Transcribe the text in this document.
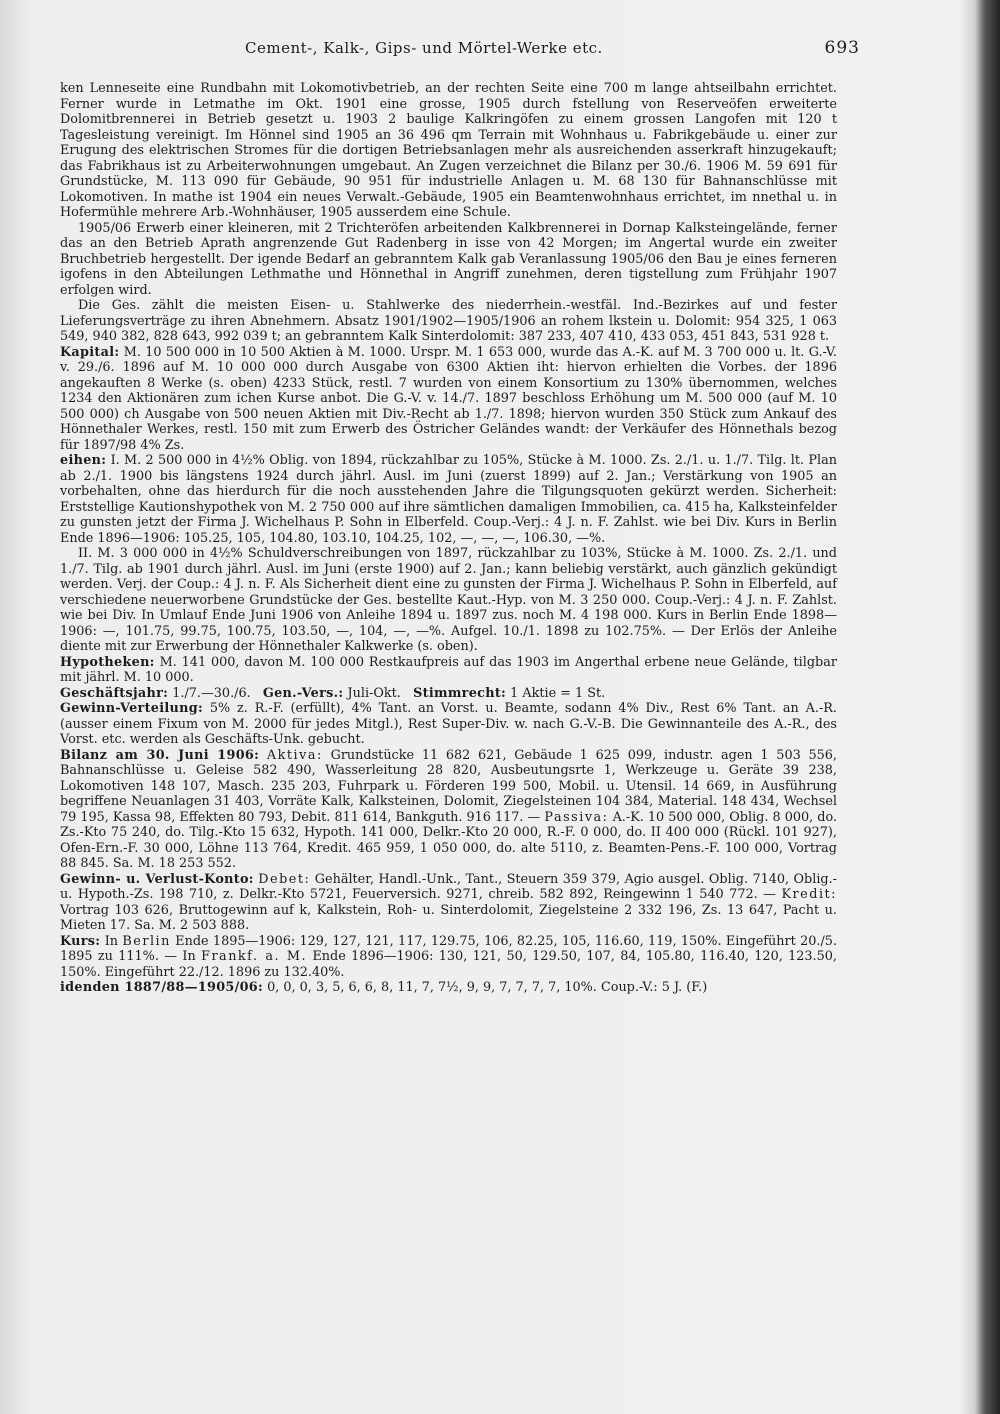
Cement-, Kalk-, Gips- und Mörtel-Werke etc.	693

ken Lenneseite eine Rundbahn mit Lokomotivbetrieb, an der rechten Seite eine 700 m lange ahtseilbahn errichtet. Ferner wurde in Letmathe im Okt. 1901 eine grosse, 1905 durch fstellung von Reserveöfen erweiterte Dolomitbrennerei in Betrieb gesetzt u. 1903 2 baulige Kalkringöfen zu einem grossen Langofen mit 120 t Tagesleistung vereinigt. Im Hönnel sind 1905 an 36 496 qm Terrain mit Wohnhaus u. Fabrikgebäude u. einer zur Erugung des elektrischen Stromes für die dortigen Betriebsanlagen mehr als ausreichenden asserkraft hinzugekauft; das Fabrikhaus ist zu Arbeiterwohnungen umgebaut. An Zugen verzeichnet die Bilanz per 30./6. 1906 M. 59 691 für Grundstücke, M. 113 090 für Gebäude, 90 951 für industrielle Anlagen u. M. 68 130 für Bahnanschlüsse mit Lokomotiven. In mathe ist 1904 ein neues Verwalt.-Gebäude, 1905 ein Beamtenwohnhaus errichtet, im nnethal u. in Hofermühle mehrere Arb.-Wohnhäuser, 1905 ausserdem eine Schule.

1905/06 Erwerb einer kleineren, mit 2 Trichteröfen arbeitenden Kalkbrennerei in Dornap Kalksteingelände, ferner das an den Betrieb Aprath angrenzende Gut Radenberg in isse von 42 Morgen; im Angertal wurde ein zweiter Bruchbetrieb hergestellt. Der igende Bedarf an gebranntem Kalk gab Veranlassung 1905/06 den Bau je eines ferneren igofens in den Abteilungen Lethmathe und Hönnethal in Angriff zunehmen, deren tigstellung zum Frühjahr 1907 erfolgen wird.

Die Ges. zählt die meisten Eisen- u. Stahlwerke des niederrhein.-westfäl. Ind.-Bezirkes auf und fester Lieferungsverträge zu ihren Abnehmern. Absatz 1901/1902—1905/1906 an rohem lkstein u. Dolomit: 954 325, 1 063 549, 940 382, 828 643, 992 039 t; an gebranntem Kalk Sinterdolomit: 387 233, 407 410, 433 053, 451 843, 531 928 t.

Kapital: M. 10 500 000 in 10 500 Aktien à M. 1000. Urspr. M. 1 653 000, wurde das A.-K. auf M. 3 700 000 u. lt. G.-V. v. 29./6. 1896 auf M. 10 000 000 durch Ausgabe von 6300 Aktien iht: hiervon erhielten die Vorbes. der 1896 angekauften 8 Werke (s. oben) 4233 Stück, restl. 7 wurden von einem Konsortium zu 130% übernommen, welches 1234 den Aktionären zum ichen Kurse anbot. Die G.-V. v. 14./7. 1897 beschloss Erhöhung um M. 500 000 (auf M. 10 500 000) ch Ausgabe von 500 neuen Aktien mit Div.-Recht ab 1./7. 1898; hiervon wurden 350 Stück zum Ankauf des Hönnethaler Werkes, restl. 150 mit zum Erwerb des Östricher Geländes wandt: der Verkäufer des Hönnethals bezog für 1897/98 4% Zs.

eihen: I. M. 2 500 000 in 4½% Oblig. von 1894, rückzahlbar zu 105%, Stücke à M. 1000. Zs. 2./1. u. 1./7. Tilg. lt. Plan ab 2./1. 1900 bis längstens 1924 durch jährl. Ausl. im Juni (zuerst 1899) auf 2. Jan.; Verstärkung von 1905 an vorbehalten, ohne das hierdurch für die noch ausstehenden Jahre die Tilgungsquoten gekürzt werden. Sicherheit: Erststellige Kautionshypothek von M. 2 750 000 auf ihre sämtlichen damaligen Immobilien, ca. 415 ha, Kalksteinfelder zu gunsten jetzt der Firma J. Wichelhaus P. Sohn in Elberfeld. Coup.-Verj.: 4 J. n. F. Zahlst. wie bei Div. Kurs in Berlin Ende 1896—1906: 105.25, 105, 104.80, 103.10, 104.25, 102, —, —, —, 106.30, —%.

II. M. 3 000 000 in 4½% Schuldverschreibungen von 1897, rückzahlbar zu 103%, Stücke à M. 1000. Zs. 2./1. und 1./7. Tilg. ab 1901 durch jährl. Ausl. im Juni (erste 1900) auf 2. Jan.; kann beliebig verstärkt, auch gänzlich gekündigt werden. Verj. der Coup.: 4 J. n. F. Als Sicherheit dient eine zu gunsten der Firma J. Wichelhaus P. Sohn in Elberfeld, auf verschiedene neuerworbene Grundstücke der Ges. bestellte Kaut.-Hyp. von M. 3 250 000. Coup.-Verj.: 4 J. n. F. Zahlst. wie bei Div. In Umlauf Ende Juni 1906 von Anleihe 1894 u. 1897 zus. noch M. 4 198 000. Kurs in Berlin Ende 1898—1906: —, 101.75, 99.75, 100.75, 103.50, —, 104, —, —%. Aufgel. 10./1. 1898 zu 102.75%. — Der Erlös der Anleihe diente mit zur Erwerbung der Hönnethaler Kalkwerke (s. oben).

Hypotheken: M. 141 000, davon M. 100 000 Restkaufpreis auf das 1903 im Angerthal erbene neue Gelände, tilgbar mit jährl. M. 10 000.

Geschäftsjahr: 1./7.—30./6. Gen.-Vers.: Juli-Okt. Stimmrecht: 1 Aktie = 1 St.

Gewinn-Verteilung: 5% z. R.-F. (erfüllt), 4% Tant. an Vorst. u. Beamte, sodann 4% Div., Rest 6% Tant. an A.-R. (ausser einem Fixum von M. 2000 für jedes Mitgl.), Rest Super-Div. w. nach G.-V.-B. Die Gewinnanteile des A.-R., des Vorst. etc. werden als Geschäfts-Unk. gebucht.

Bilanz am 30. Juni 1906: Aktiva: Grundstücke 11 682 621, Gebäude 1 625 099, industr. agen 1 503 556, Bahnanschlüsse u. Geleise 582 490, Wasserleitung 28 820, Ausbeutungsrte 1, Werkzeuge u. Geräte 39 238, Lokomotiven 148 107, Masch. 235 203, Fuhrpark u. Förderen 199 500, Mobil. u. Utensil. 14 669, in Ausführung begriffene Neuanlagen 31 403, Vorräte Kalk, Kalksteinen, Dolomit, Ziegelsteinen 104 384, Material. 148 434, Wechsel 79 195, Kassa 98, Effekten 80 793, Debit. 811 614, Bankguth. 916 117. — Passiva: A.-K. 10 500 000, Oblig. 8 000, do. Zs.-Kto 75 240, do. Tilg.-Kto 15 632, Hypoth. 141 000, Delkr.-Kto 20 000, R.-F. 0 000, do. II 400 000 (Rückl. 101 927), Ofen-Ern.-F. 30 000, Löhne 113 764, Kredit. 465 959, 1 050 000, do. alte 5110, z. Beamten-Pens.-F. 100 000, Vortrag 88 845. Sa. M. 18 253 552.

Gewinn- u. Verlust-Konto: Debet: Gehälter, Handl.-Unk., Tant., Steuern 359 379, Agio ausgel. Oblig. 7140, Oblig.-u. Hypoth.-Zs. 198 710, z. Delkr.-Kto 5721, Feuerversich. 9271, chreib. 582 892, Reingewinn 1 540 772. — Kredit: Vortrag 103 626, Bruttogewinn auf k, Kalkstein, Roh- u. Sinterdolomit, Ziegelsteine 2 332 196, Zs. 13 647, Pacht u. Mieten 17. Sa. M. 2 503 888.

Kurs: In Berlin Ende 1895—1906: 129, 127, 121, 117, 129.75, 106, 82.25, 105, 116.60, 119, 150%. Eingeführt 20./5. 1895 zu 111%. — In Frankf. a. M. Ende 1896—1906: 130, 121, 50, 129.50, 107, 84, 105.80, 116.40, 120, 123.50, 150%. Eingeführt 22./12. 1896 zu 132.40%.

idenden 1887/88—1905/06: 0, 0, 0, 3, 5, 6, 6, 8, 11, 7, 7½, 9, 9, 7, 7, 7, 7, 10%. Coup.-V.: 5 J. (F.)
